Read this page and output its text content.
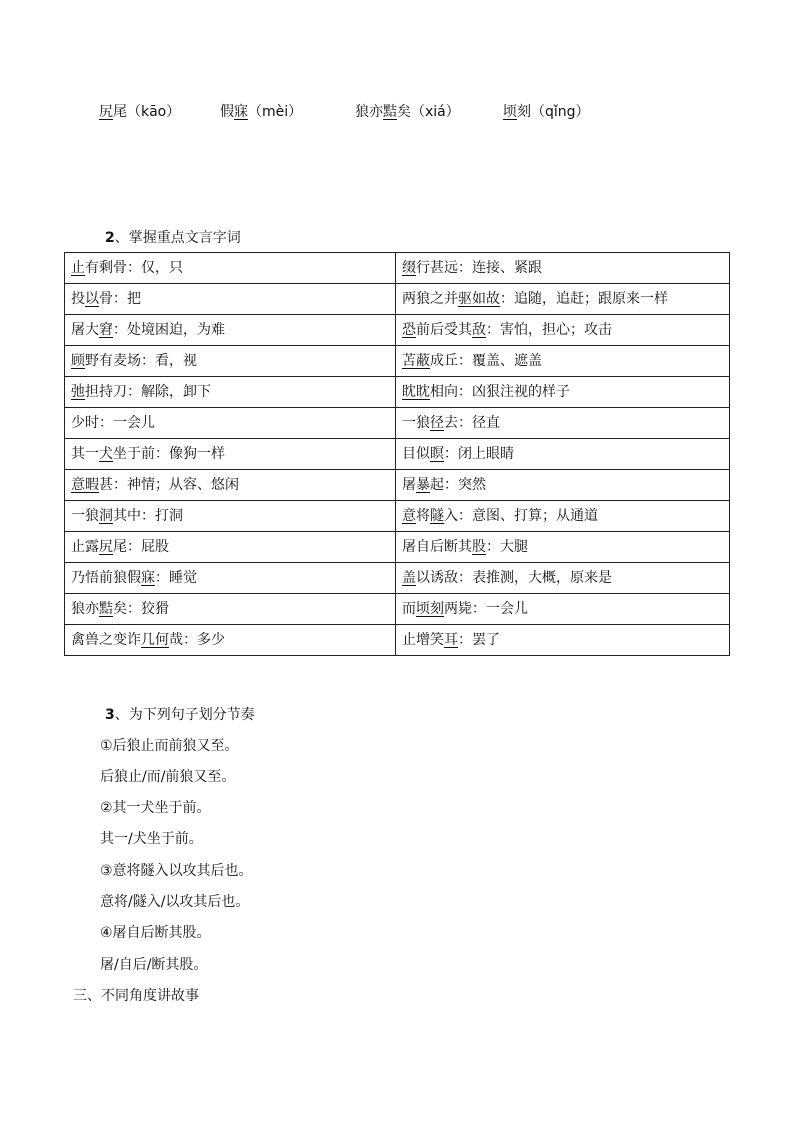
尻尾（kāo）	假寐（mèi）	狼亦黠矣（xiá）	顷刻（qǐng）
2、掌握重点文言字词
止有剩骨：仅，只	缀行甚远：连接、紧跟
投以骨：把	两狼之并驱如故：追随，追赶；跟原来一样
屠大窘：处境困迫，为难	恐前后受其敌：害怕，担心；攻击
顾野有麦场：看，视	苫蔽成丘：覆盖、遮盖
弛担持刀：解除，卸下	眈眈相向：凶狠注视的样子
少时：一会儿	一狼径去：径直
其一犬坐于前：像狗一样	目似瞑：闭上眼睛
意暇甚：神情；从容、悠闲	屠暴起：突然
一狼洞其中：打洞	意将隧入：意图、打算；从通道
止露尻尾：屁股	屠自后断其股：大腿
乃悟前狼假寐：睡觉	盖以诱敌：表推测，大概，原来是
狼亦黠矣：狡猾	而顷刻两毙：一会儿
禽兽之变诈几何哉：多少	止增笑耳：罢了
3、为下列句子划分节奏
①后狼止而前狼又至。
后狼止/而/前狼又至。
②其一犬坐于前。
其一/犬坐于前。
③意将隧入以攻其后也。
意将/隧入/以攻其后也。
④屠自后断其股。
屠/自后/断其股。
三、不同角度讲故事
